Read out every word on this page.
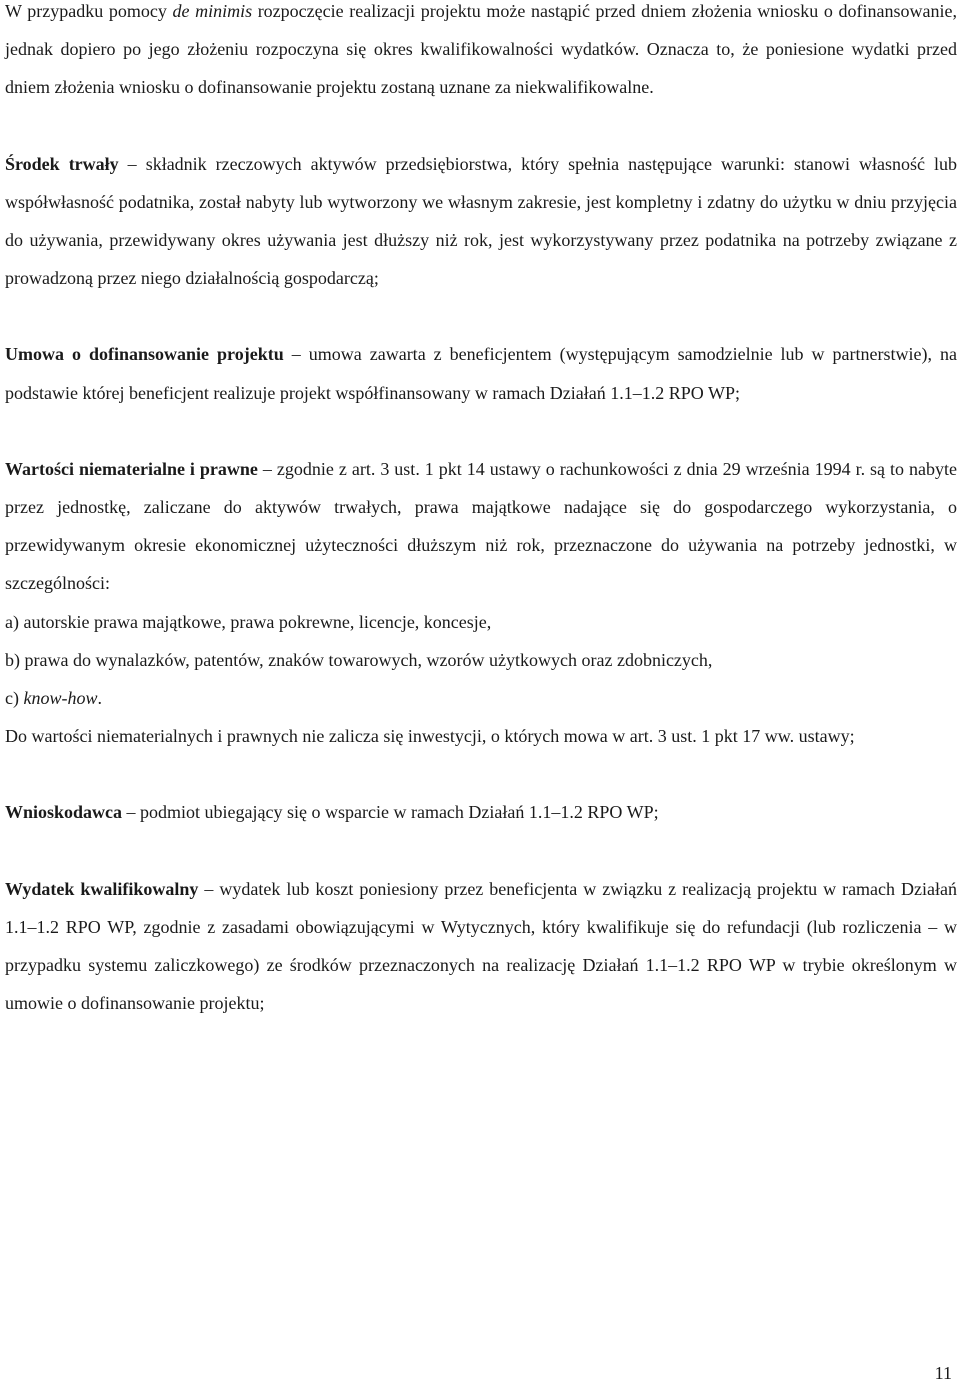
W przypadku pomocy de minimis rozpoczęcie realizacji projektu może nastąpić przed dniem złożenia wniosku o dofinansowanie, jednak dopiero po jego złożeniu rozpoczyna się okres kwalifikowalności wydatków. Oznacza to, że poniesione wydatki przed dniem złożenia wniosku o dofinansowanie projektu zostaną uznane za niekwalifikowalne.

Środek trwały – składnik rzeczowych aktywów przedsiębiorstwa, który spełnia następujące warunki: stanowi własność lub współwłasność podatnika, został nabyty lub wytworzony we własnym zakresie, jest kompletny i zdatny do użytku w dniu przyjęcia do używania, przewidywany okres używania jest dłuższy niż rok, jest wykorzystywany przez podatnika na potrzeby związane z prowadzoną przez niego działalnością gospodarczą;

Umowa o dofinansowanie projektu – umowa zawarta z beneficjentem (występującym samodzielnie lub w partnerstwie), na podstawie której beneficjent realizuje projekt współfinansowany w ramach Działań 1.1–1.2 RPO WP;

Wartości niematerialne i prawne – zgodnie z art. 3 ust. 1 pkt 14 ustawy o rachunkowości z dnia 29 września 1994 r. są to nabyte przez jednostkę, zaliczane do aktywów trwałych, prawa majątkowe nadające się do gospodarczego wykorzystania, o przewidywanym okresie ekonomicznej użyteczności dłuższym niż rok, przeznaczone do używania na potrzeby jednostki, w szczególności:

a) autorskie prawa majątkowe, prawa pokrewne, licencje, koncesje,

b) prawa do wynalazków, patentów, znaków towarowych, wzorów użytkowych oraz zdobniczych,

c) know-how.

Do wartości niematerialnych i prawnych nie zalicza się inwestycji, o których mowa w art. 3 ust. 1 pkt 17 ww. ustawy;

Wnioskodawca – podmiot ubiegający się o wsparcie w ramach Działań 1.1–1.2 RPO WP;

Wydatek kwalifikowalny – wydatek lub koszt poniesiony przez beneficjenta w związku z realizacją projektu w ramach Działań 1.1–1.2 RPO WP, zgodnie z zasadami obowiązującymi w Wytycznych, który kwalifikuje się do refundacji (lub rozliczenia – w przypadku systemu zaliczkowego) ze środków przeznaczonych na realizację Działań 1.1–1.2 RPO WP w trybie określonym w umowie o dofinansowanie projektu;

11
